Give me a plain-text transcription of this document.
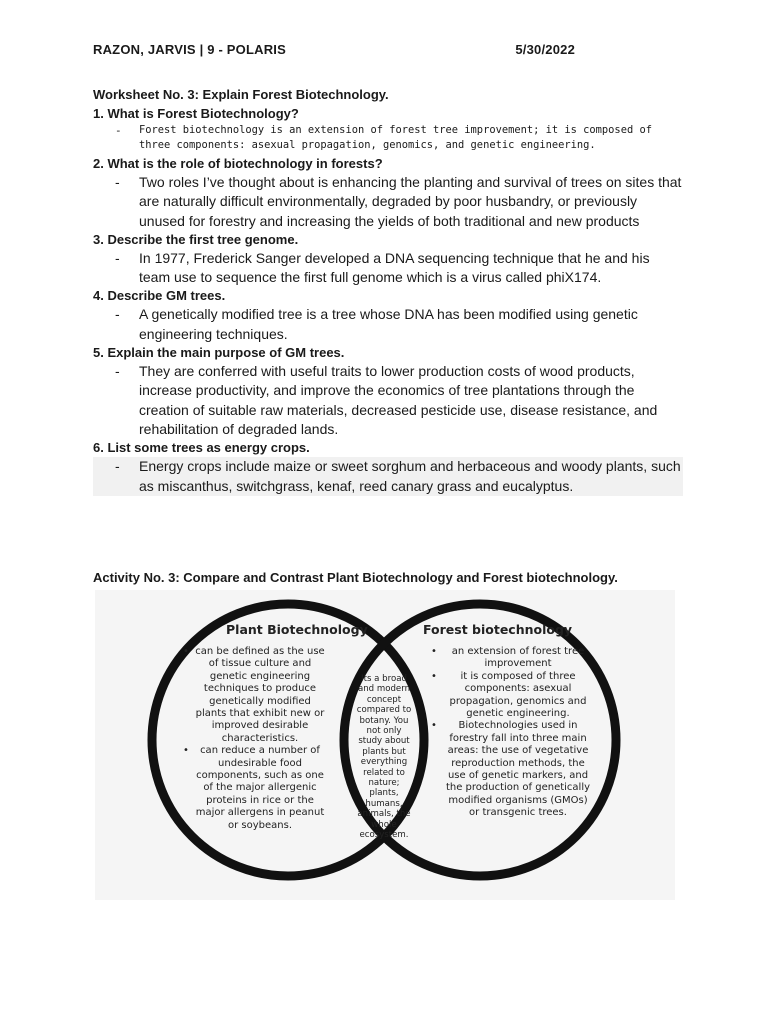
RAZON, JARVIS | 9 - POLARIS	5/30/2022

Worksheet No. 3: Explain Forest Biotechnology.

1. What is Forest Biotechnology?

-	Forest biotechnology is an extension of forest tree improvement; it is composed of three components: asexual propagation, genomics, and genetic engineering.

2. What is the role of biotechnology in forests?

-	Two roles I’ve thought about is enhancing the planting and survival of trees on sites that are naturally difficult environmentally, degraded by poor husbandry, or previously unused for forestry and increasing the yields of both traditional and new products

3. Describe the first tree genome.

-	In 1977, Frederick Sanger developed a DNA sequencing technique that he and his team use to sequence the first full genome which is a virus called phiX174.

4. Describe GM trees.

-	A genetically modified tree is a tree whose DNA has been modified using genetic engineering techniques.

5. Explain the main purpose of GM trees.

-	They are conferred with useful traits to lower production costs of wood products, increase productivity, and improve the economics of tree plantations through the creation of suitable raw materials, decreased pesticide use, disease resistance, and rehabilitation of degraded lands.

6. List some trees as energy crops.

-	Energy crops include maize or sweet sorghum and herbaceous and woody plants, such as miscanthus, switchgrass, kenaf, reed canary grass and eucalyptus.
Activity No. 3: Compare and Contrast Plant Biotechnology and Forest biotechnology.
Plant Biotechnology	Forest biotechnology
• can be defined as the use of tissue culture and genetic engineering techniques to produce genetically modified plants that exhibit new or improved desirable characteristics.
•	can reduce a number of undesirable food components, such as one of the major allergenic proteins in rice or the major allergens in peanut or soybeans.
Its a broad and modern concept compared to botany. You not only study about plants but everything related to nature; plants, humans, animals, the whole ecosystem.
•	an extension of forest tree improvement
•	it is composed of three components: asexual propagation, genomics and genetic engineering.
•	Biotechnologies used in forestry fall into three main areas: the use of vegetative reproduction methods, the use of genetic markers, and the production of genetically modified organisms (GMOs) or transgenic trees.
